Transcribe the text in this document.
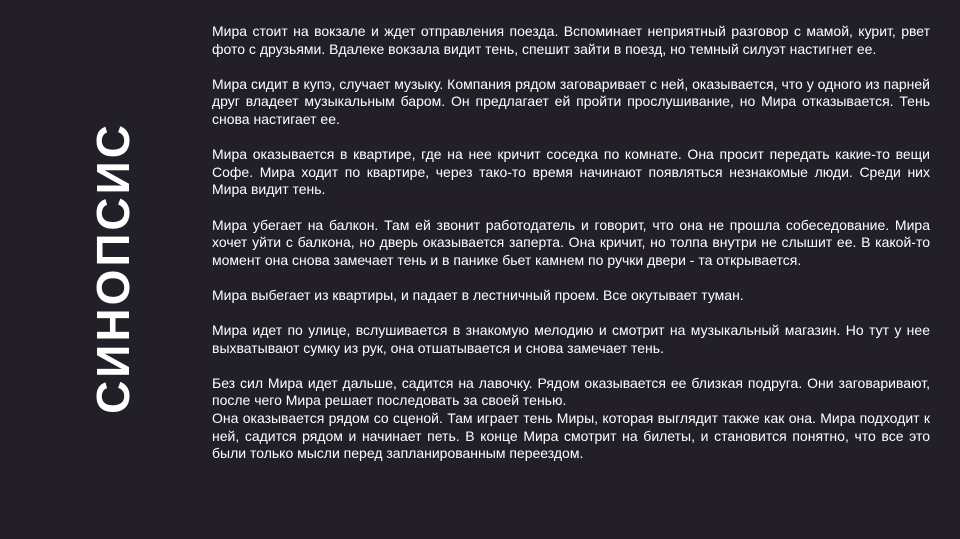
СИНОПСИС

Мира стоит на вокзале и ждет отправления поезда. Вспоминает неприятный разговор с мамой, курит, рвет фото с друзьями. Вдалеке вокзала видит тень, спешит зайти в поезд, но темный силуэт настигнет ее.

Мира сидит в купэ, случает музыку. Компания рядом заговаривает с ней, оказывается, что у одного из парней друг владеет музыкальным баром. Он предлагает ей пройти прослушивание, но Мира отказывается. Тень снова настигает ее.

Мира оказывается в квартире, где на нее кричит соседка по комнате. Она просит передать какие-то вещи Софе. Мира ходит по квартире, через тако-то время начинают появляться незнакомые люди. Среди них Мира видит тень.

Мира убегает на балкон. Там ей звонит работодатель и говорит, что она не прошла собеседование. Мира хочет уйти с балкона, но дверь оказывается заперта. Она кричит, но толпа внутри не слышит ее. В какой-то момент она снова замечает тень и в панике бьет камнем по ручки двери - та открывается.

Мира выбегает из квартиры, и падает в лестничный проем. Все окутывает туман.

Мира идет по улице, вслушивается в знакомую мелодию и смотрит на музыкальный магазин. Но тут у нее выхватывают сумку из рук, она отшатывается и снова замечает тень.

Без сил Мира идет дальше, садится на лавочку. Рядом оказывается ее близкая подруга. Они заговаривают, после чего Мира решает последовать за своей тенью.

Она оказывается рядом со сценой. Там играет тень Миры, которая выглядит также как она. Мира подходит к ней, садится рядом и начинает петь. В конце Мира смотрит на билеты, и становится понятно, что все это были только мысли перед запланированным переездом.
